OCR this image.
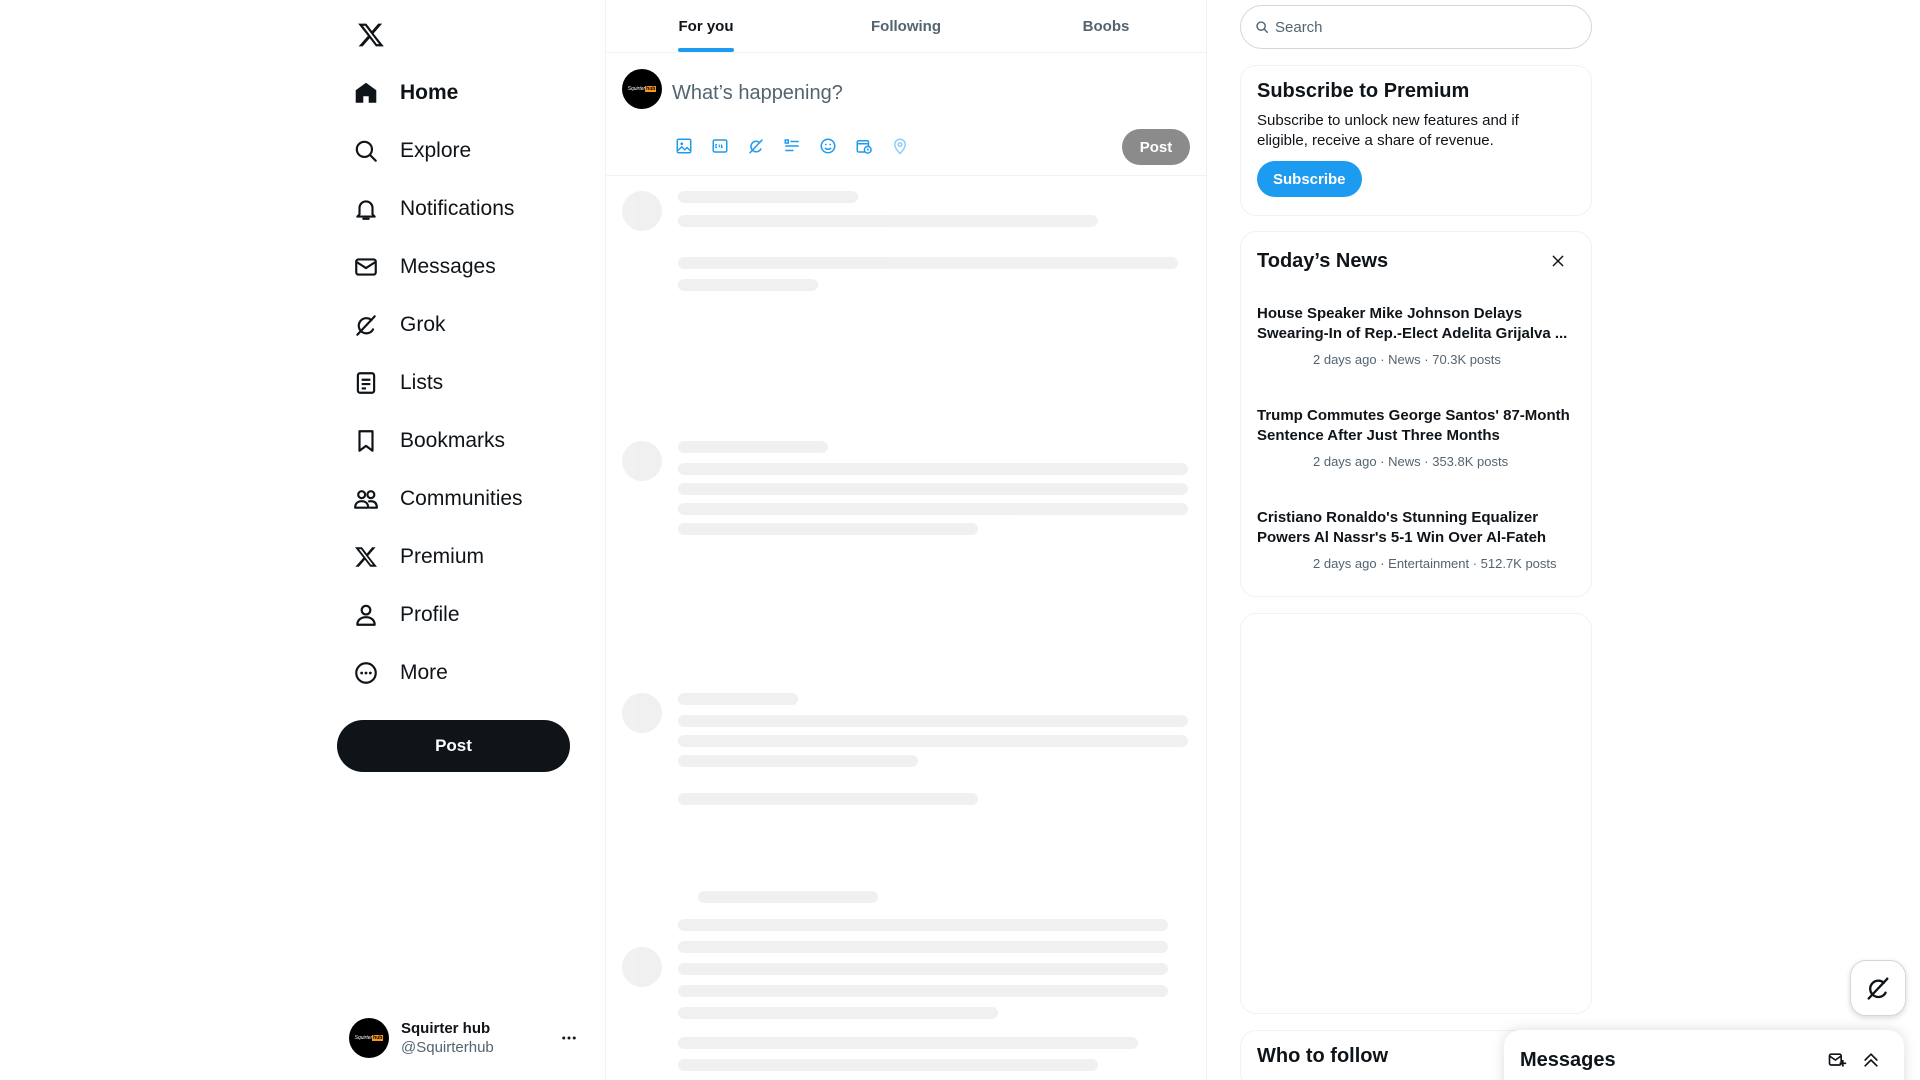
Home
Explore
Notifications
Messages
Grok
Lists
Bookmarks
Communities
Premium
Profile
More
Post
Squirterhub
Squirter hub
@Squirterhub
For you	Following	Boobs
Squirterhub
What’s happening?
Post
Search
Subscribe to Premium

Subscribe to unlock new features and if eligible, receive a share of revenue.

Subscribe
Today’s News
House Speaker Mike Johnson Delays Swearing-In of Rep.-Elect Adelita Grijalva ...
2 days ago · News · 70.3K posts
Trump Commutes George Santos' 87-Month Sentence After Just Three Months
2 days ago · News · 353.8K posts
Cristiano Ronaldo's Stunning Equalizer Powers Al Nassr's 5-1 Win Over Al-Fateh
2 days ago · Entertainment · 512.7K posts
Who to follow	Messages
